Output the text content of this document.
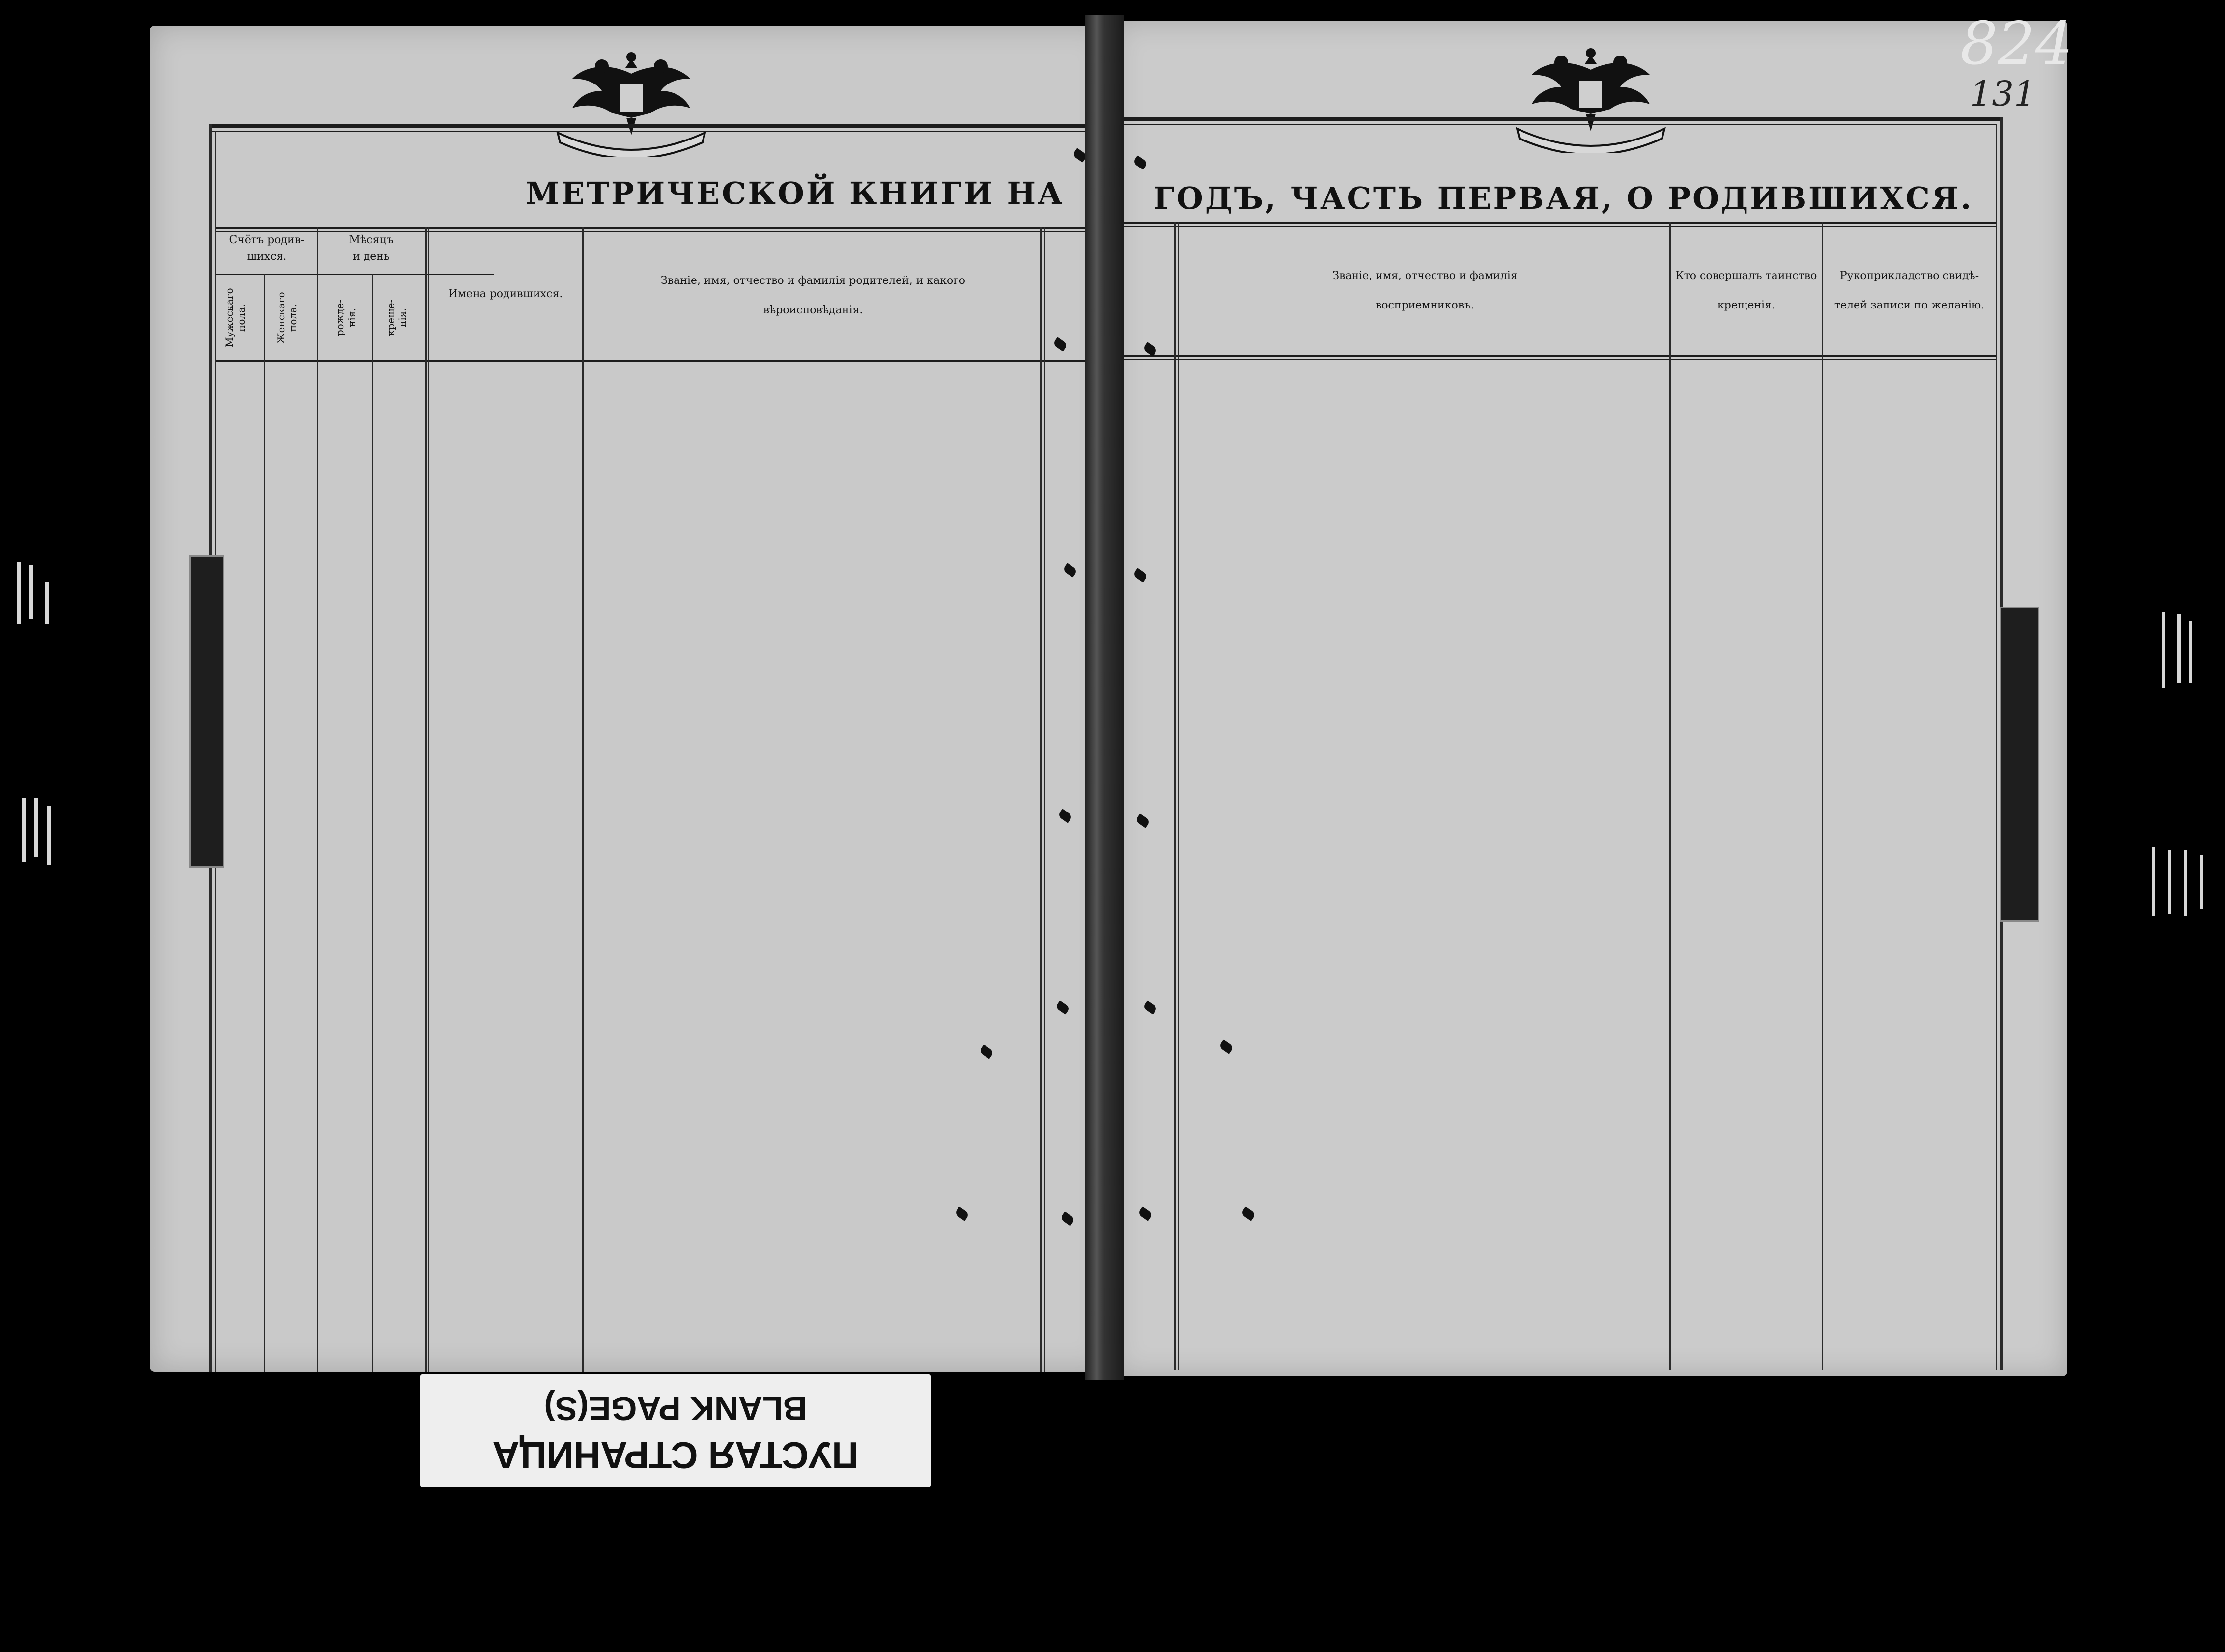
МЕТРИЧЕСКОЙ КНИГИ НА
Счётъ родив-
шихся.
Мужескаго
пола.	Женскаго
пола.
Мѣсяцъ
и день
рожде-
нія.	креще-
нія.
Имена родившихся.
Званіе, имя, отчество и фамилія родителей, и какого
вѣроисповѣданія.
ГОДЪ, ЧАСТЬ ПЕРВАЯ, О РОДИВШИХСЯ.
Званіе, имя, отчество и фамилія
восприемниковъ.
Кто совершалъ таинство
крещенія.
Рукоприкладство свидѣ-
телей записи по желанію.
824
131
ПУСТАЯ СТРАНИЦА
BLANK PAGE(S)
